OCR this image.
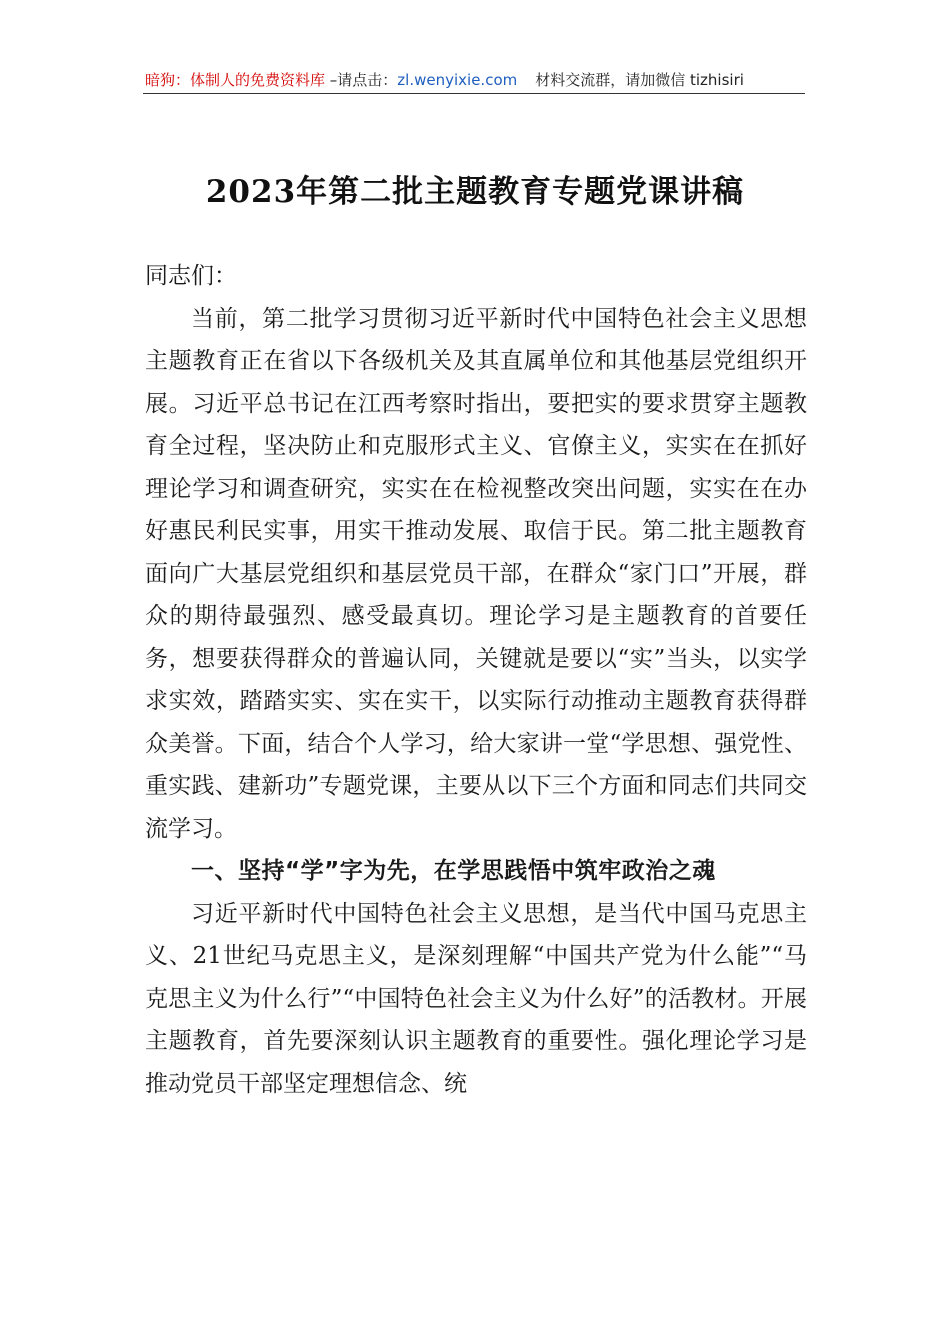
暗狗：体制人的免费资料库 –请点击：zl.wenyixie.com 材料交流群，请加微信 tizhisiri
2023年第二批主题教育专题党课讲稿

同志们：

当前，第二批学习贯彻习近平新时代中国特色社会主义思想主题教育正在省以下各级机关及其直属单位和其他基层党组织开展。习近平总书记在江西考察时指出，要把实的要求贯穿主题教育全过程，坚决防止和克服形式主义、官僚主义，实实在在抓好理论学习和调查研究，实实在在检视整改突出问题，实实在在办好惠民利民实事，用实干推动发展、取信于民。第二批主题教育面向广大基层党组织和基层党员干部，在群众“家门口”开展，群众的期待最强烈、感受最真切。理论学习是主题教育的首要任务，想要获得群众的普遍认同，关键就是要以“实”当头，以实学求实效，踏踏实实、实在实干，以实际行动推动主题教育获得群众美誉。下面，结合个人学习，给大家讲一堂“学思想、强党性、重实践、建新功”专题党课，主要从以下三个方面和同志们共同交流学习。

一、坚持“学”字为先，在学思践悟中筑牢政治之魂

习近平新时代中国特色社会主义思想，是当代中国马克思主义、21世纪马克思主义，是深刻理解“中国共产党为什么能”“马克思主义为什么行”“中国特色社会主义为什么好”的活教材。开展主题教育，首先要深刻认识主题教育的重要性。强化理论学习是推动党员干部坚定理想信念、统
